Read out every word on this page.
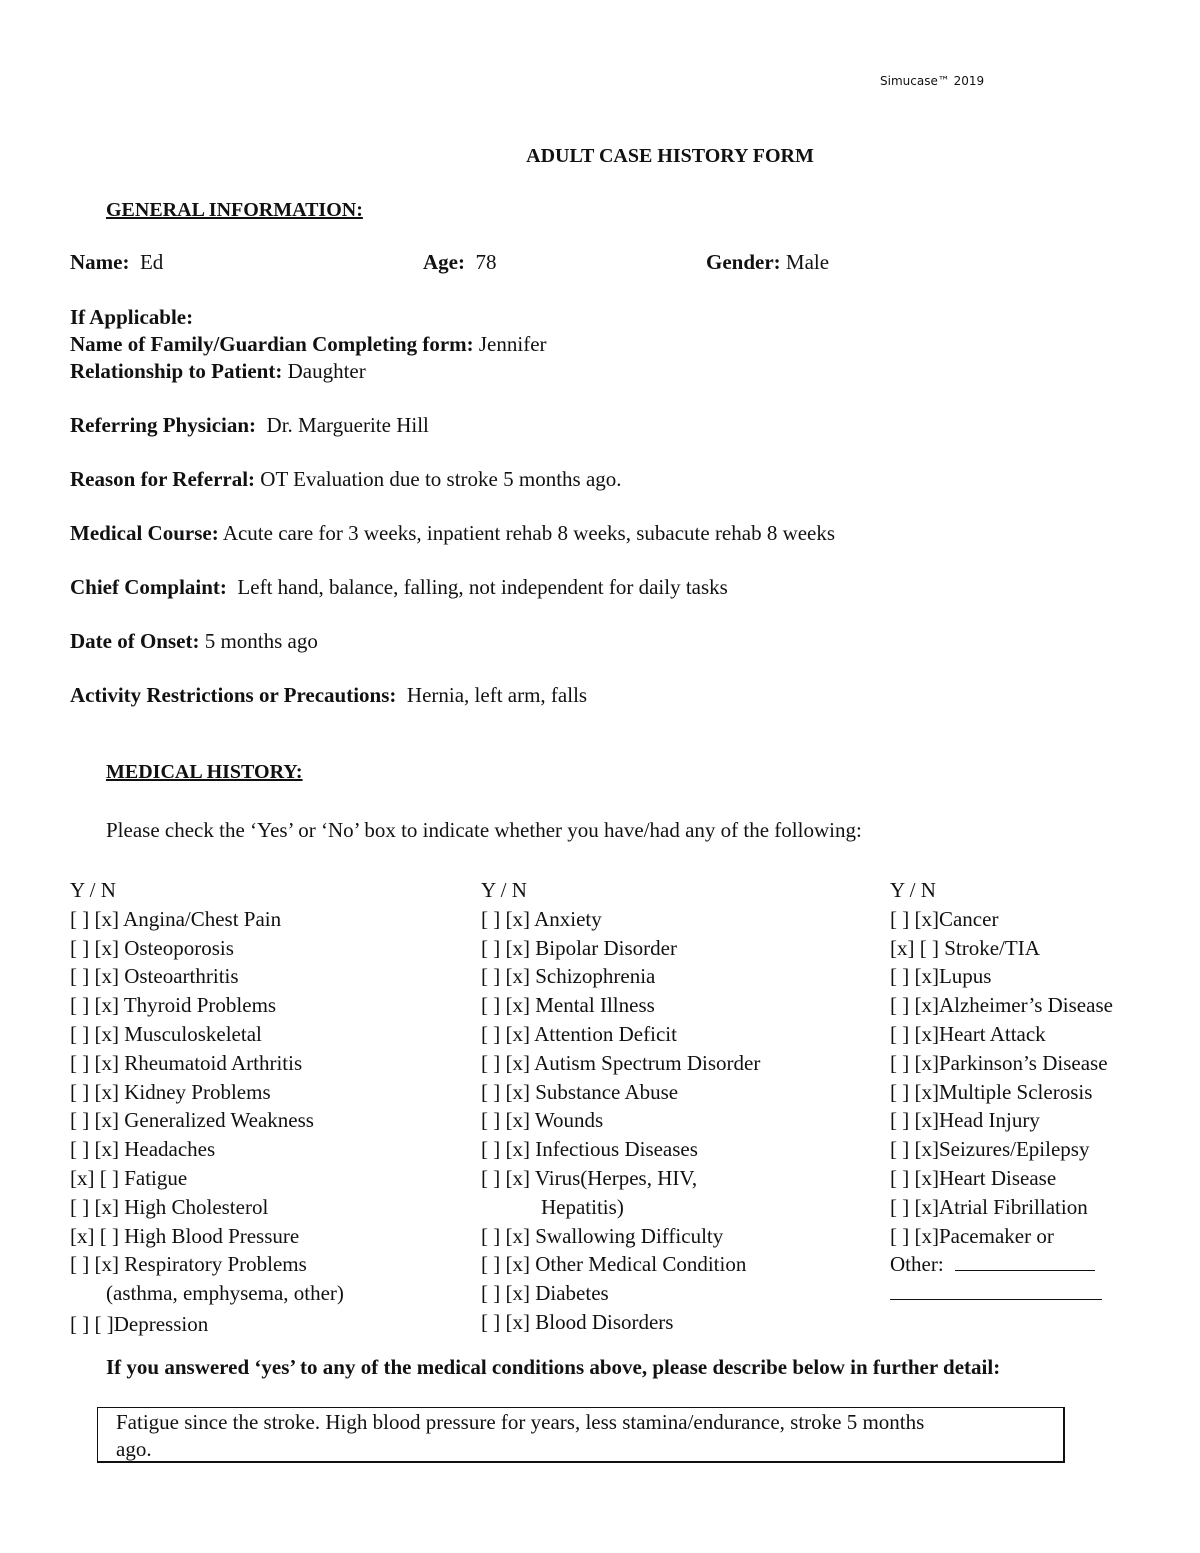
Simucase™ 2019
ADULT CASE HISTORY FORM
GENERAL INFORMATION:
Name: Ed	Age: 78	Gender: Male
If Applicable:
Name of Family/Guardian Completing form: Jennifer
Relationship to Patient: Daughter
Referring Physician: Dr. Marguerite Hill
Reason for Referral: OT Evaluation due to stroke 5 months ago.
Medical Course: Acute care for 3 weeks, inpatient rehab 8 weeks, subacute rehab 8 weeks
Chief Complaint: Left hand, balance, falling, not independent for daily tasks
Date of Onset: 5 months ago
Activity Restrictions or Precautions: Hernia, left arm, falls
MEDICAL HISTORY:
Please check the ‘Yes’ or ‘No’ box to indicate whether you have/had any of the following:
Y / N
[ ] [x] Angina/Chest Pain
[ ] [x] Osteoporosis
[ ] [x] Osteoarthritis
[ ] [x] Thyroid Problems
[ ] [x] Musculoskeletal
[ ] [x] Rheumatoid Arthritis
[ ] [x] Kidney Problems
[ ] [x] Generalized Weakness
[ ] [x] Headaches
[x] [ ] Fatigue
[ ] [x] High Cholesterol
[x] [ ] High Blood Pressure
[ ] [x] Respiratory Problems
(asthma, emphysema, other)
[ ] [ ]Depression
Y / N
[ ] [x] Anxiety
[ ] [x] Bipolar Disorder
[ ] [x] Schizophrenia
[ ] [x] Mental Illness
[ ] [x] Attention Deficit
[ ] [x] Autism Spectrum Disorder
[ ] [x] Substance Abuse
[ ] [x] Wounds
[ ] [x] Infectious Diseases
[ ] [x] Virus(Herpes, HIV,
Hepatitis)
[ ] [x] Swallowing Difficulty
[ ] [x] Other Medical Condition
[ ] [x] Diabetes
[ ] [x] Blood Disorders
Y / N
[ ] [x]Cancer
[x] [ ] Stroke/TIA
[ ] [x]Lupus
[ ] [x]Alzheimer’s Disease
[ ] [x]Heart Attack
[ ] [x]Parkinson’s Disease
[ ] [x]Multiple Sclerosis
[ ] [x]Head Injury
[ ] [x]Seizures/Epilepsy
[ ] [x]Heart Disease
[ ] [x]Atrial Fibrillation
[ ] [x]Pacemaker or
Other:
If you answered ‘yes’ to any of the medical conditions above, please describe below in further detail:
Fatigue since the stroke. High blood pressure for years, less stamina/endurance, stroke 5 months
ago.
